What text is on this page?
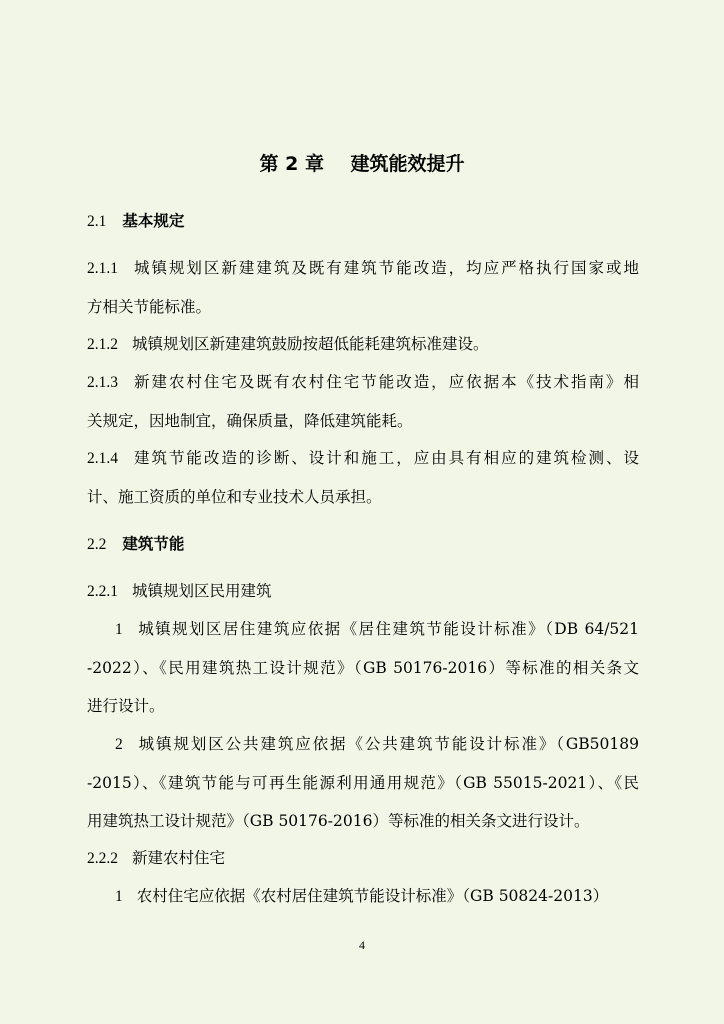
第 2 章    建筑能效提升
2.1 基本规定
2.1.1 城镇规划区新建建筑及既有建筑节能改造，均应严格执行国家或地
方相关节能标准。
2.1.2 城镇规划区新建建筑鼓励按超低能耗建筑标准建设。
2.1.3 新建农村住宅及既有农村住宅节能改造，应依据本《技术指南》相
关规定，因地制宜，确保质量，降低建筑能耗。
2.1.4 建筑节能改造的诊断、设计和施工，应由具有相应的建筑检测、设
计、施工资质的单位和专业技术人员承担。
2.2 建筑节能
2.2.1 城镇规划区民用建筑
1 城镇规划区居住建筑应依据《居住建筑节能设计标准》（DB 64/521
-2022）、《民用建筑热工设计规范》（GB 50176-2016）等标准的相关条文
进行设计。
2 城镇规划区公共建筑应依据《公共建筑节能设计标准》（GB50189
-2015）、《建筑节能与可再生能源利用通用规范》（GB 55015-2021）、《民
用建筑热工设计规范》（GB 50176-2016）等标准的相关条文进行设计。
2.2.2 新建农村住宅
1 农村住宅应依据《农村居住建筑节能设计标准》（GB 50824-2013）
4
